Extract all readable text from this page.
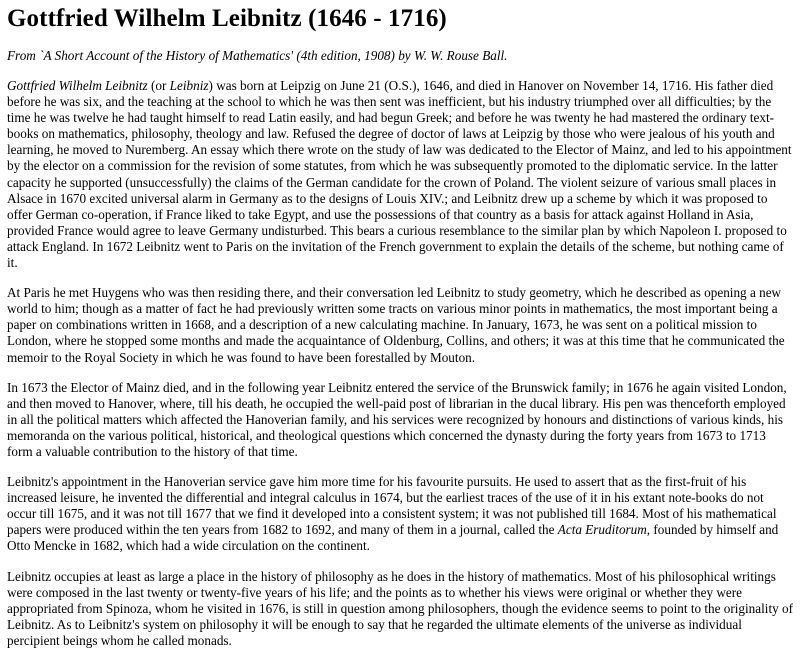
Gottfried Wilhelm Leibnitz (1646 - 1716)
From `A Short Account of the History of Mathematics' (4th edition, 1908) by W. W. Rouse Ball.

Gottfried Wilhelm Leibnitz (or Leibniz) was born at Leipzig on June 21 (O.S.), 1646, and died in Hanover on November 14, 1716. His father died before he was six, and the teaching at the school to which he was then sent was inefficient, but his industry triumphed over all difficulties; by the time he was twelve he had taught himself to read Latin easily, and had begun Greek; and before he was twenty he had mastered the ordinary text-books on mathematics, philosophy, theology and law. Refused the degree of doctor of laws at Leipzig by those who were jealous of his youth and learning, he moved to Nuremberg. An essay which there wrote on the study of law was dedicated to the Elector of Mainz, and led to his appointment by the elector on a commission for the revision of some statutes, from which he was subsequently promoted to the diplomatic service. In the latter capacity he supported (unsuccessfully) the claims of the German candidate for the crown of Poland. The violent seizure of various small places in Alsace in 1670 excited universal alarm in Germany as to the designs of Louis XIV.; and Leibnitz drew up a scheme by which it was proposed to offer German co-operation, if France liked to take Egypt, and use the possessions of that country as a basis for attack against Holland in Asia, provided France would agree to leave Germany undisturbed. This bears a curious resemblance to the similar plan by which Napoleon I. proposed to attack England. In 1672 Leibnitz went to Paris on the invitation of the French government to explain the details of the scheme, but nothing came of it.

At Paris he met Huygens who was then residing there, and their conversation led Leibnitz to study geometry, which he described as opening a new world to him; though as a matter of fact he had previously written some tracts on various minor points in mathematics, the most important being a paper on combinations written in 1668, and a description of a new calculating machine. In January, 1673, he was sent on a political mission to London, where he stopped some months and made the acquaintance of Oldenburg, Collins, and others; it was at this time that he communicated the memoir to the Royal Society in which he was found to have been forestalled by Mouton.

In 1673 the Elector of Mainz died, and in the following year Leibnitz entered the service of the Brunswick family; in 1676 he again visited London, and then moved to Hanover, where, till his death, he occupied the well-paid post of librarian in the ducal library. His pen was thenceforth employed in all the political matters which affected the Hanoverian family, and his services were recognized by honours and distinctions of various kinds, his memoranda on the various political, historical, and theological questions which concerned the dynasty during the forty years from 1673 to 1713 form a valuable contribution to the history of that time.

Leibnitz's appointment in the Hanoverian service gave him more time for his favourite pursuits. He used to assert that as the first-fruit of his increased leisure, he invented the differential and integral calculus in 1674, but the earliest traces of the use of it in his extant note-books do not occur till 1675, and it was not till 1677 that we find it developed into a consistent system; it was not published till 1684. Most of his mathematical papers were produced within the ten years from 1682 to 1692, and many of them in a journal, called the Acta Eruditorum, founded by himself and Otto Mencke in 1682, which had a wide circulation on the continent.

Leibnitz occupies at least as large a place in the history of philosophy as he does in the history of mathematics. Most of his philosophical writings were composed in the last twenty or twenty-five years of his life; and the points as to whether his views were original or whether they were appropriated from Spinoza, whom he visited in 1676, is still in question among philosophers, though the evidence seems to point to the originality of Leibnitz. As to Leibnitz's system on philosophy it will be enough to say that he regarded the ultimate elements of the universe as individual percipient beings whom he called monads.
